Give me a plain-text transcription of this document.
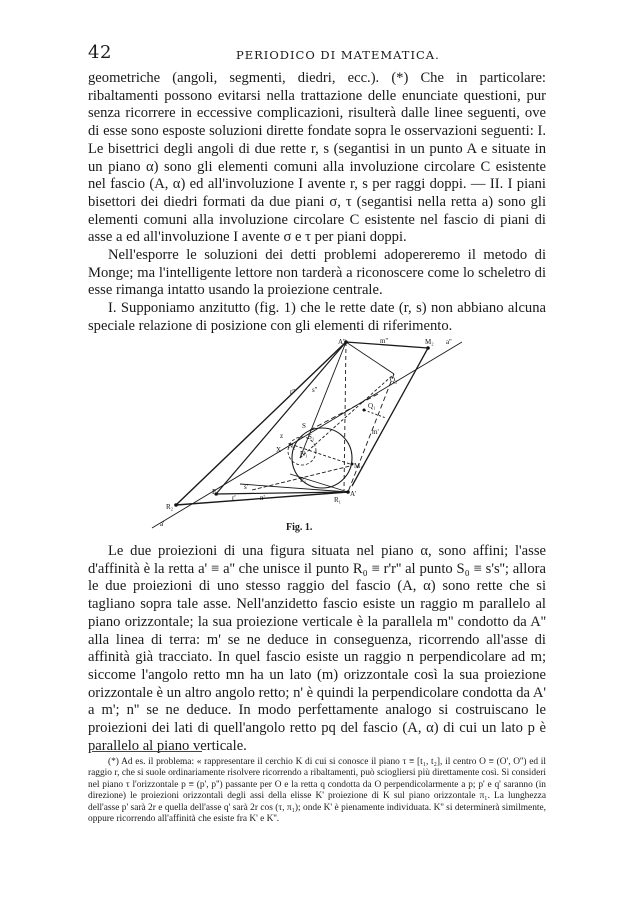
42	PERIODICO DI MATEMATICA.

geometriche (angoli, segmenti, diedri, ecc.). (*) Che in particolare: ribaltamenti possono evitarsi nella trattazione delle enunciate questioni, pur senza ricorrere in eccessive complicazioni, risulterà dalle linee seguenti, ove di esse sono esposte soluzioni dirette fondate sopra le osservazioni seguenti: I. Le bisettrici degli angoli di due rette r, s (segantisi in un punto A e situate in un piano α) sono gli elementi comuni alla involuzione circolare C esistente nel fascio (A, α) ed all'involuzione I avente r, s per raggi doppi. — II. I piani bisettori dei diedri formati da due piani σ, τ (segantisi nella retta a) sono gli elementi comuni alla involuzione circolare C esistente nel fascio di piani di asse a ed all'involuzione I avente σ e τ per piani doppi.

Nell'esporre le soluzioni dei detti problemi adopereremo il metodo di Monge; ma l'intelligente lettore non tarderà a riconoscere come lo scheletro di esse rimanga intatto usando la proiezione centrale.

I. Supponiamo anzitutto (fig. 1) che le rette date (r, s) non abbiano alcuna speciale relazione di posizione con gli elementi di riferimento.

A''	m''	M₂ a''
Q₁
Q₂
S
S₁
X	N₁
N₂
M₁
P₂
P₁
R₂
R₁
A'
a'
n'
m'
r'
s'
z
s''
r''
Fig. 1.

Le due proiezioni di una figura situata nel piano α, sono affini; l'asse d'affinità è la retta a' ≡ a'' che unisce il punto R₀ ≡ r'r'' al punto S₀ ≡ s's''; allora le due proiezioni di uno stesso raggio del fascio (A, α) sono rette che si tagliano sopra tale asse. Nell'anzidetto fascio esiste un raggio m parallelo al piano orizzontale; la sua proiezione verticale è la parallela m'' condotto da A'' alla linea di terra: m' se ne deduce in conseguenza, ricorrendo all'asse di affinità già tracciato. In quel fascio esiste un raggio n perpendicolare ad m; siccome l'angolo retto mn ha un lato (m) orizzontale così la sua proiezione orizzontale è un altro angolo retto; n' è quindi la perpendicolare condotta da A' a m'; n'' se ne deduce. In modo perfettamente analogo si costruiscano le proiezioni dei lati di quell'angolo retto pq del fascio (A, α) di cui un lato p è parallelo al piano verticale.

(*) Ad es. il problema: « rappresentare il cerchio K di cui si conosce il piano τ ≡ [t₁, t₂], il centro O ≡ (O', O'') ed il raggio r, che si suole ordinariamente risolvere ricorrendo a ribaltamenti, può sciogliersi più direttamente così. Si consideri nel piano τ l'orizzontale p ≡ (p', p'') passante per O e la retta q condotta da O perpendicolarmente a p; p' e q' saranno (in direzione) le proiezioni orizzontali degli assi della elisse K' proiezione di K sul piano orizzontale π₁. La lunghezza dell'asse p' sarà 2r e quella dell'asse q' sarà 2r cos (τ, π₁); onde K' è pienamente individuata. K'' si determinerà similmente, oppure ricorrendo all'affinità che esiste fra K' e K''.
